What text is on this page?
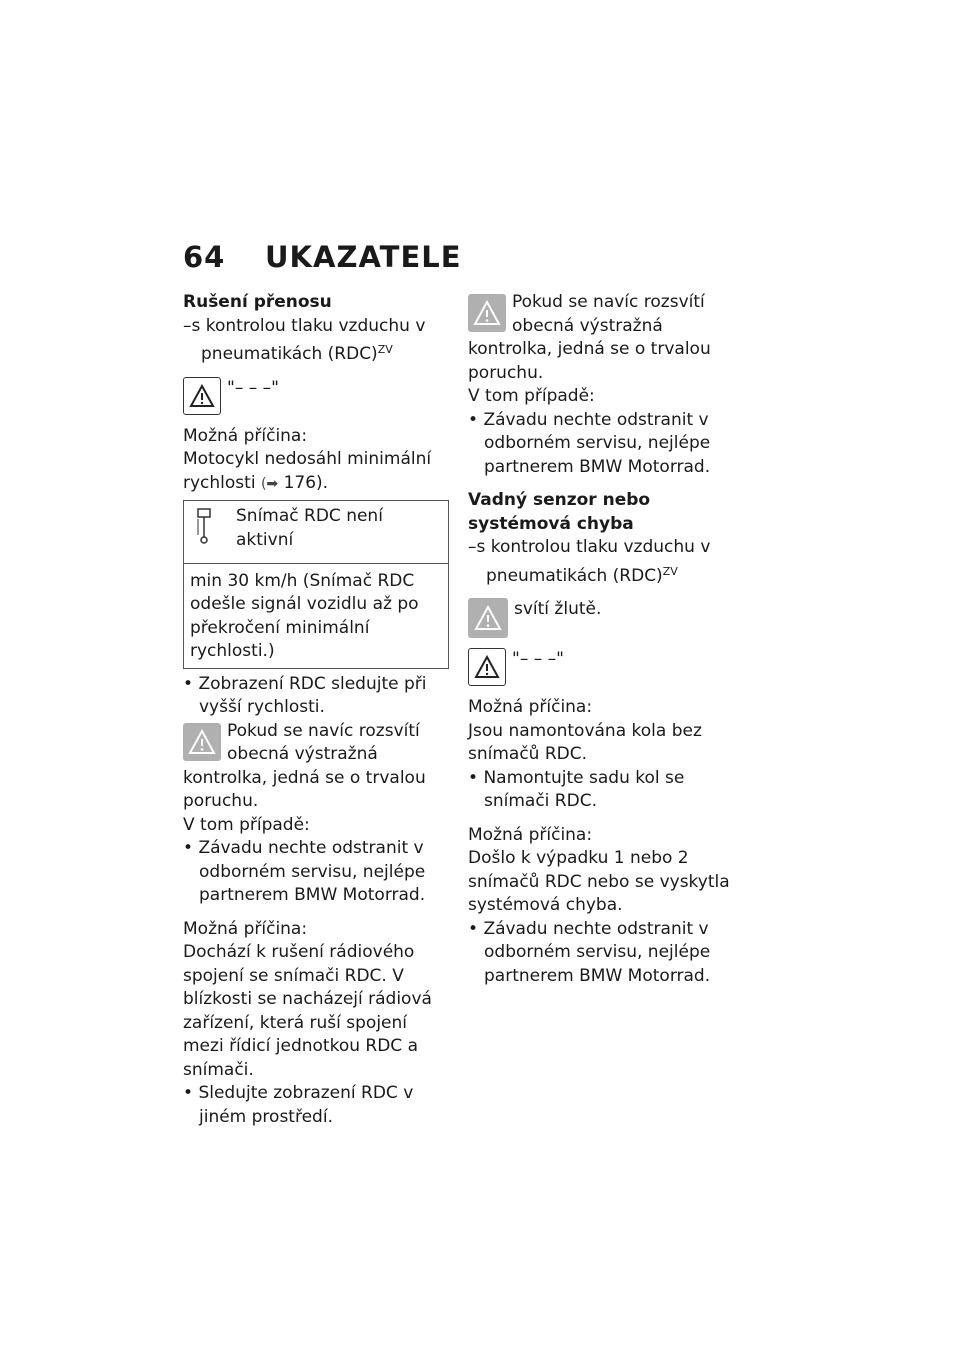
64 UKAZATELE

Rušení přenosu

–s kontrolou tlaku vzduchu v pneumatikách (RDC)$^{ZV}$

"– – –"

Možná příčina:

Motocykl nedosáhl minimální rychlosti (➡ 176).

Snímač RDC není aktivní
min 30 km/h (Snímač RDC odešle signál vozidlu až po překročení minimální rychlosti.)

• Zobrazení RDC sledujte při vyšší rychlosti.

Pokud se navíc rozsvítí obecná výstražná kontrolka, jedná se o trvalou poruchu.

V tom případě:

• Závadu nechte odstranit v odborném servisu, nejlépe partnerem BMW Motorrad.

Možná příčina:

Dochází k rušení rádiového spojení se snímači RDC. V blízkosti se nacházejí rádiová zařízení, která ruší spojení mezi řídicí jednotkou RDC a snímači.

• Sledujte zobrazení RDC v jiném prostředí.

Pokud se navíc rozsvítí obecná výstražná kontrolka, jedná se o trvalou poruchu.

V tom případě:

• Závadu nechte odstranit v odborném servisu, nejlépe partnerem BMW Motorrad.

Vadný senzor nebo systémová chyba

–s kontrolou tlaku vzduchu v pneumatikách (RDC)$^{ZV}$

svítí žlutě.
"– – –"

Možná příčina:

Jsou namontována kola bez snímačů RDC.

• Namontujte sadu kol se snímači RDC.

Možná příčina:

Došlo k výpadku 1 nebo 2 snímačů RDC nebo se vyskytla systémová chyba.

• Závadu nechte odstranit v odborném servisu, nejlépe partnerem BMW Motorrad.
